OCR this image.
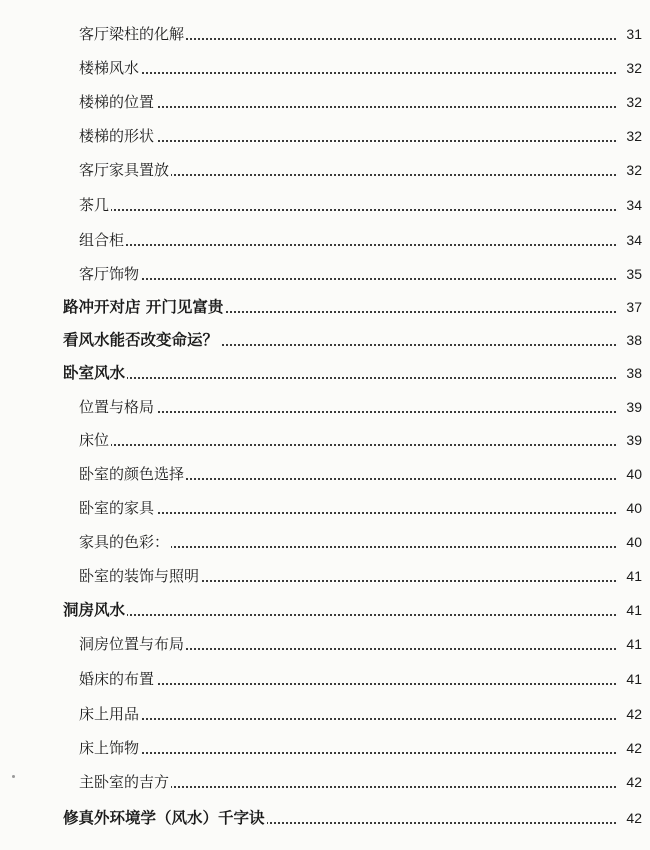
客厅梁柱的化解	31
楼梯风水	32
楼梯的位置	32
楼梯的形状	32
客厅家具置放	32
茶几	34
组合柜	34
客厅饰物	35
路冲开对店 开门见富贵	37
看风水能否改变命运？	38
卧室风水	38
位置与格局	39
床位	39
卧室的颜色选择	40
卧室的家具	40
家具的色彩：	40
卧室的装饰与照明	41
洞房风水	41
洞房位置与布局	41
婚床的布置	41
床上用品	42
床上饰物	42
主卧室的吉方	42
修真外环境学（风水）千字诀	42
